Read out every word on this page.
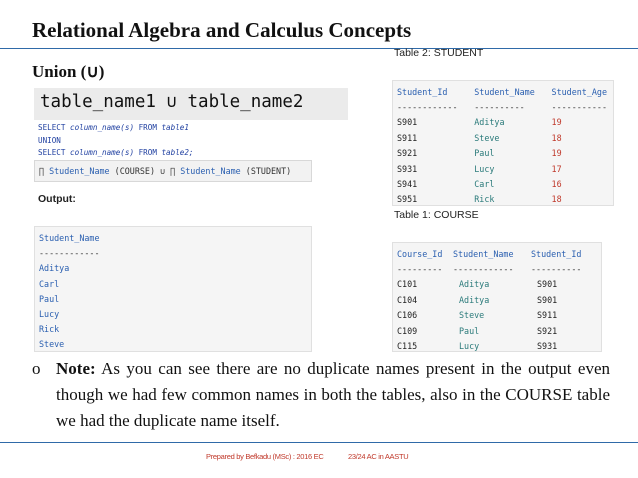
Relational Algebra and Calculus Concepts
Union (∪)
table_name1 ∪ table_name2
SELECT column_name(s) FROM table1
UNION
SELECT column_name(s) FROM table2;
∏ Student_Name (COURSE) ∪ ∏ Student_Name (STUDENT)
Output:
Student_Name
------------
Aditya
Carl
Paul
Lucy
Rick
Steve
Table 2: STUDENT
Student_Id	Student_Name	Student_Age
------------	----------	-----------
S901	Aditya	19
S911	Steve	18
S921	Paul	19
S931	Lucy	17
S941	Carl	16
S951	Rick	18
Table 1: COURSE
Course_Id	Student_Name	Student_Id
---------	------------	----------
C101	Aditya	S901
C104	Aditya	S901
C106	Steve	S911
C109	Paul	S921
C115	Lucy	S931
o Note: As you can see there are no duplicate names present in the output even though we had few common names in both the tables, also in the COURSE table we had the duplicate name itself.
Prepared by Befkadu (MSc) : 2016 EC	23/24 AC in AASTU
